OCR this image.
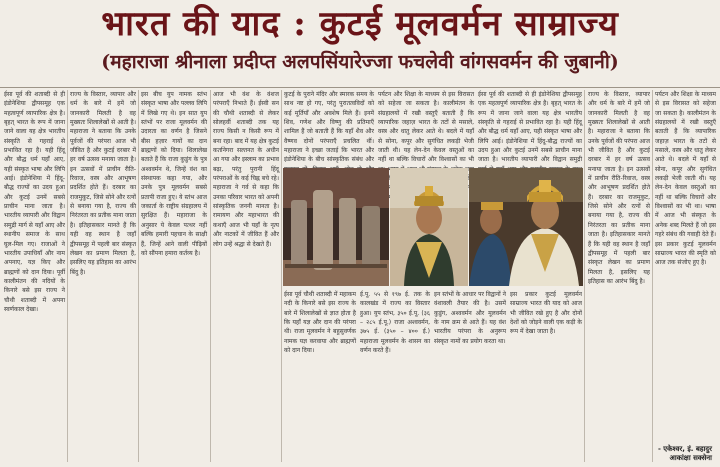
भारत की याद : कुटई मूलवर्मन साम्राज्य
(महाराजा श्रीनाला प्रदीप्त अलपसिंयारेज्जा फचलेवी वांगसवर्मन की जुबानी)

ईसा पूर्व की शताब्दी से ही इंडोनेशिया द्वीपसमूह एक महत्वपूर्ण व्यापारिक क्षेत्र है। बृहत् भारत के रूप में जाना जाने वाला यह क्षेत्र भारतीय संस्कृति से गहराई से प्रभावित रहा है। यही हिंदू और बौद्ध धर्म यहाँ आए, यही संस्कृत भाषा और लिपि आई। इंडोनेशिया में हिंदू-बौद्ध राज्यों का उदय हुआ और कुटई उनमें सबसे प्राचीन माना जाता है। भारतीय व्यापारी और विद्वान समुद्री मार्ग से यहाँ आए और स्थानीय समाज के साथ घुल-मिल गए। राजाओं ने भारतीय उपाधियाँ और नाम अपनाए, यज्ञ किए और ब्राह्मणों को दान दिया। पूर्वी कालीमंतन की नदियों के किनारे बसे इस राज्य ने चौथी शताब्दी में अपना स्वर्णकाल देखा।

राज्य के विस्तार, व्यापार और धर्म के बारे में हमें जो जानकारी मिलती है वह मुख्यतः शिलालेखों से आती है। महाराजा ने बताया कि उनके पूर्वजों की परंपरा आज भी जीवित है और कुटई दरबार में हर वर्ष उत्सव मनाया जाता है। इन उत्सवों में प्राचीन रीति-रिवाज, वस्त्र और आभूषण प्रदर्शित होते हैं। दरबार का राजमुकुट, जिसे सोने और रत्नों से बनाया गया है, राज्य की निरंतरता का प्रतीक माना जाता है। इतिहासकार मानते हैं कि यही वह स्थान है जहाँ द्वीपसमूह में पहली बार संस्कृत लेखन का प्रमाण मिलता है, इसलिए यह इतिहास का आरंभ बिंदु है।

इस बीच युप नामक स्तंभ संस्कृत भाषा और पल्लव लिपि में लिखे गए थे। इन सात युप स्तंभों पर राजा मूलवर्मन की उदारता का वर्णन है जिसने बीस हज़ार गायों का दान ब्राह्मणों को दिया। शिलालेख बताते हैं कि राजा कुडुंग के पुत्र अश्ववर्मन थे, जिन्हें वंश का संस्थापक कहा गया, और उनके पुत्र मूलवर्मन सबसे प्रतापी राजा हुए। ये स्तंभ आज जकार्ता के राष्ट्रीय संग्रहालय में सुरक्षित हैं। महाराजा के अनुसार ये केवल पत्थर नहीं बल्कि हमारी पहचान के साक्षी हैं, जिन्हें आने वाली पीढ़ियों को सौंपना हमारा कर्तव्य है।

आज भी वंश के वंशज परंपराएँ निभाते हैं। ईस्वी सन की चौथी शताब्दी से लेकर सोलहवीं शताब्दी तक यह राज्य किसी न किसी रूप में बना रहा। बाद में यह क्षेत्र कुटई कर्तानेगरा सल्तनत के अधीन आ गया और इस्लाम का प्रभाव बढ़ा, परंतु पुरानी हिंदू परंपराओं के कई चिह्न बचे रहे। महाराजा ने गर्व से कहा कि उनका परिवार भारत को अपनी सांस्कृतिक जननी मानता है। रामायण और महाभारत की कथाएँ आज भी यहाँ के नृत्य और नाटकों में जीवित हैं और लोग उन्हें श्रद्धा से देखते हैं।

कुटई के पुराने मंदिर और स्मारक समय के साथ नष्ट हो गए, परंतु पुरातत्वविदों को कई मूर्तियाँ और अवशेष मिले हैं। इनमें शिव, गणेश और विष्णु की प्रतिमाएँ शामिल हैं जो बताती हैं कि यहाँ शैव और वैष्णव दोनों परंपराएँ प्रचलित थीं। महाराजा ने इच्छा जताई कि भारत और इंडोनेशिया के बीच सांस्कृतिक संबंध और

पर्यटन और शिक्षा के माध्यम से इस विरासत को सहेजा जा सकता है। कालीमंतन के संग्रहालयों में रखी वस्तुएँ बताती हैं कि व्यापारिक जहाज़ भारत के तटों से मसाले, वस्त्र और धातु लेकर आते थे। बदले में यहाँ से सोना, कपूर और सुगंधित लकड़ी भेजी जाती थी। यह लेन-देन केवल वस्तुओं का नहीं था बल्कि विचारों और विश्वासों का भी इस भारत

ईसा पूर्व की शताब्दी से ही इंडोनेशिया द्वीपसमूह एक महत्वपूर्ण व्यापारिक क्षेत्र है। बृहत् भारत के रूप में जाना जाने वाला यह क्षेत्र भारतीय संस्कृति से गहराई से प्रभावित रहा है। यही हिंदू और बौद्ध धर्म यहाँ आए, यही संस्कृत भाषा और लिपि आई। इंडोनेशिया में हिंदू-बौद्ध राज्यों का उदय हुआ और कुटई उनमें सबसे प्राचीन माना जाता है। भारतीय व्यापारी और विद्वान समुद्री

राज्य के विस्तार, व्यापार और धर्म के बारे में हमें जो जानकारी मिलती है वह मुख्यतः शिलालेखों से आती है। महाराजा ने बताया कि उनके पूर्वजों की परंपरा आज भी जीवित है और कुटई दरबार में हर वर्ष उत्सव मनाया जाता है। इन उत्सवों में प्राचीन रीति-रिवाज, वस्त्र और आभूषण प्रदर्शित होते हैं। दरबार का राजमुकुट, जिसे सोने और रत्नों से बनाया गया है, राज्य की निरंतरता का प्रतीक माना जाता है। इतिहासकार मानते हैं कि यही वह स्थान है जहाँ द्वीपसमूह में पहली बार संस्कृत लेखन का प्रमाण मिलता है, इसलिए यह इतिहास का आरंभ बिंदु है।

पर्यटन और शिक्षा के माध्यम से इस विरासत को सहेजा जा सकता है। कालीमंतन के संग्रहालयों में रखी वस्तुएँ बताती हैं कि व्यापारिक जहाज़ भारत के तटों से मसाले, वस्त्र और धातु लेकर आते थे। बदले में यहाँ से सोना, कपूर और सुगंधित लकड़ी भेजी जाती थी। यह लेन-देन केवल वस्तुओं का नहीं था बल्कि विचारों और विश्वासों का भी था। भाषा में आज भी संस्कृत के अनेक शब्द मिलते हैं जो इस गहरे संबंध की गवाही देते हैं। इस प्रकार कुटई मूलवर्मन साम्राज्य भारत की स्मृति को आज तक संजोए हुए है।

ईसा पूर्व चौथी शताब्दी में महाकम नदी के किनारे बसे इस राज्य के बारे में शिलालेखों से ज्ञात होता है कि यहाँ यज्ञ और दान की परंपरा थी। राजा मूलवर्मन ने बहुसुवर्णक नामक यज्ञ करवाया और ब्राह्मणों को दान दिया।

ई.पू. ५५ से १९७ ई. तक के कालखंड में राज्य का विस्तार हुआ। युप स्तंभ, ३५० ई.पू. (३६ – २८५ ई.पू.) राजा अश्ववर्मन, ३७५ ई. (३५० – ४०० ई.) महाराजा मूलवर्मन के शासन का वर्णन करते हैं।

इन स्तंभों के आधार पर विद्वानों ने वंशावली तैयार की है। उसमें कुडुंग, अश्ववर्मन और मूलवर्मन के नाम क्रम से आते हैं। यह वंश भारतीय परंपरा के अनुरूप संस्कृत नामों का प्रयोग करता था।

इस प्रकार कुटई मूलवर्मन साम्राज्य भारत की याद को आज भी जीवित रखे हुए है और दोनों देशों को जोड़ने वाली एक कड़ी के रूप में देखा जाता है।

- एकेश्वर, इं. बहादुर
आकांक्षा सक्सेना
